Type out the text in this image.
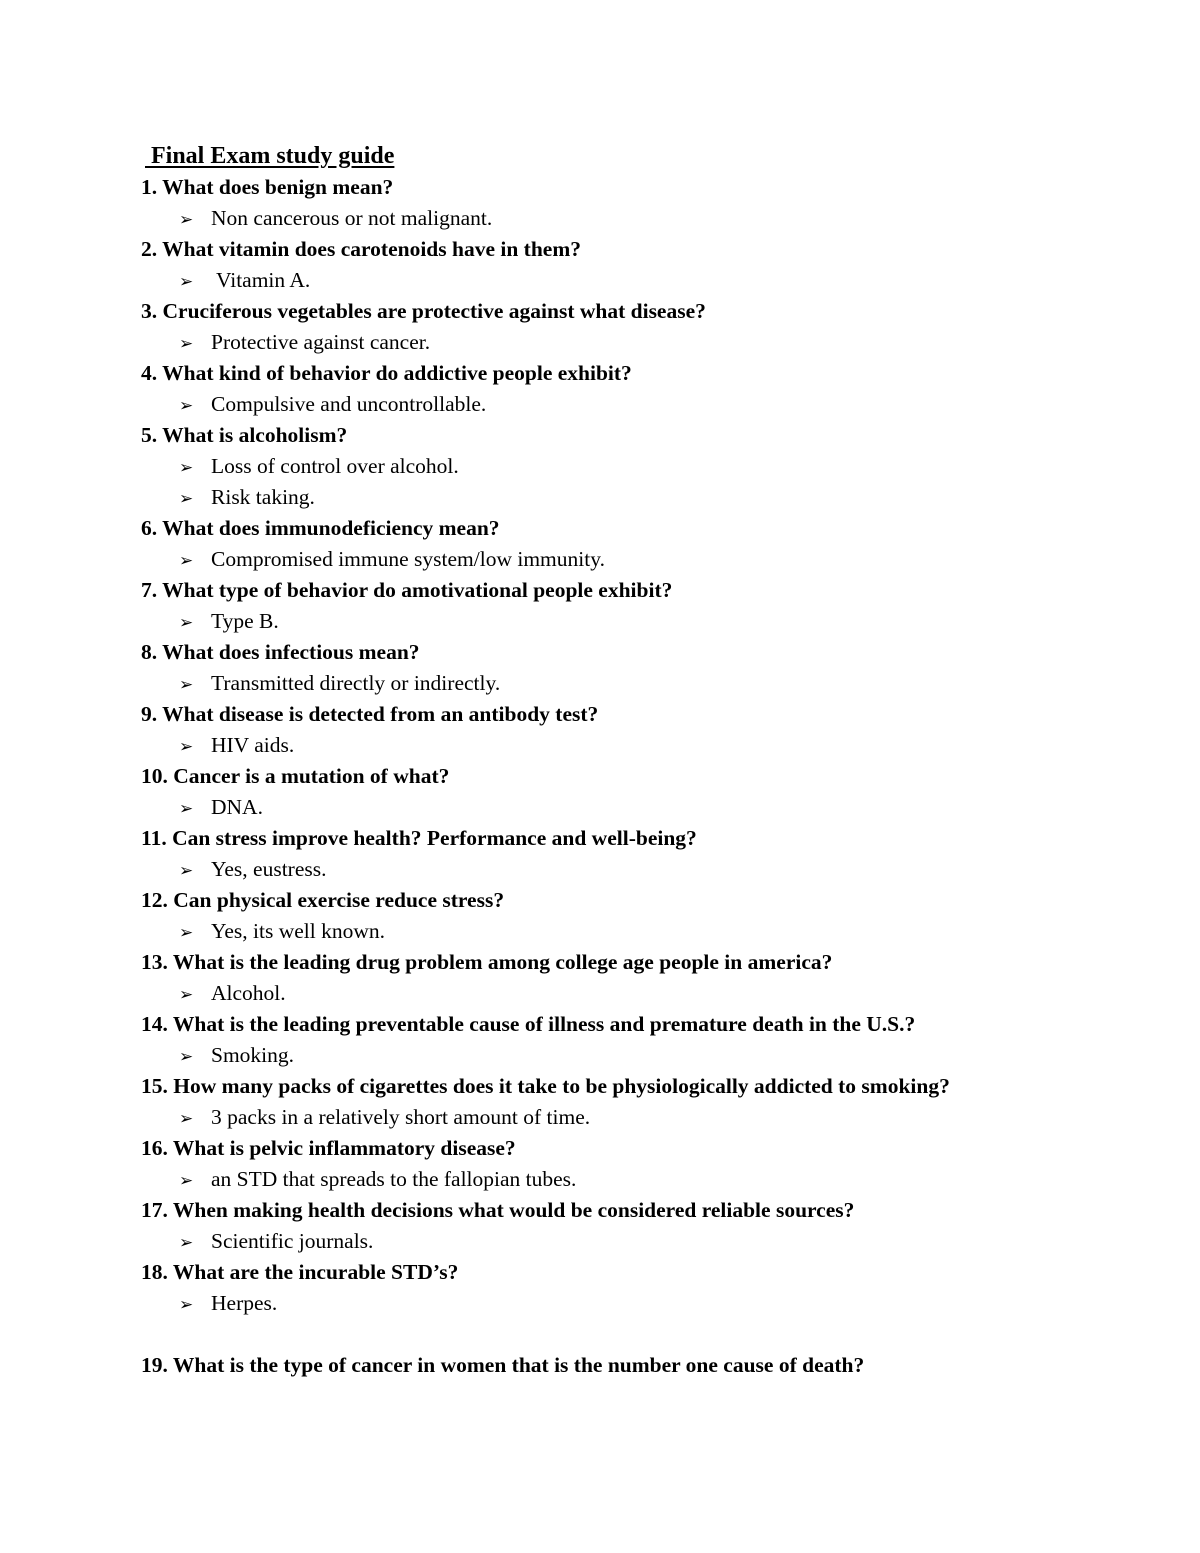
Final Exam study guide
1. What does benign mean?
➢ Non cancerous or not malignant.
2. What vitamin does carotenoids have in them?
➢ Vitamin A.
3. Cruciferous vegetables are protective against what disease?
➢ Protective against cancer.
4. What kind of behavior do addictive people exhibit?
➢ Compulsive and uncontrollable.
5. What is alcoholism?
➢ Loss of control over alcohol.
➢ Risk taking.
6. What does immunodeficiency mean?
➢ Compromised immune system/low immunity.
7. What type of behavior do amotivational people exhibit?
➢ Type B.
8. What does infectious mean?
➢ Transmitted directly or indirectly.
9. What disease is detected from an antibody test?
➢ HIV aids.
10. Cancer is a mutation of what?
➢ DNA.
11. Can stress improve health? Performance and well-being?
➢ Yes, eustress.
12. Can physical exercise reduce stress?
➢ Yes, its well known.
13. What is the leading drug problem among college age people in america?
➢ Alcohol.
14. What is the leading preventable cause of illness and premature death in the U.S.?
➢ Smoking.
15. How many packs of cigarettes does it take to be physiologically addicted to smoking?
➢ 3 packs in a relatively short amount of time.
16. What is pelvic inflammatory disease?
➢ an STD that spreads to the fallopian tubes.
17. When making health decisions what would be considered reliable sources?
➢ Scientific journals.
18. What are the incurable STD’s?
➢ Herpes.
19. What is the type of cancer in women that is the number one cause of death?
